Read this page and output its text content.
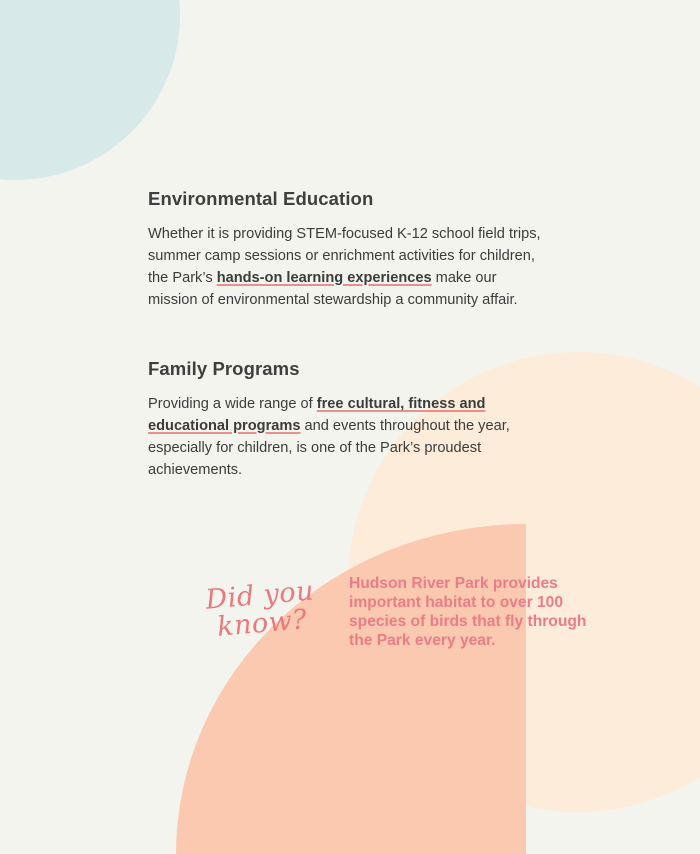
Environmental Education

Whether it is providing STEM-focused K-12 school field trips, summer camp sessions or enrichment activities for children, the Park’s hands-on learning experiences make our mission of environmental stewardship a community affair.

Family Programs

Providing a wide range of free cultural, fitness and educational programs and events throughout the year, especially for children, is one of the Park’s proudest achievements.

Did you know?
Hudson River Park provides important habitat to over 100 species of birds that fly through the Park every year.
